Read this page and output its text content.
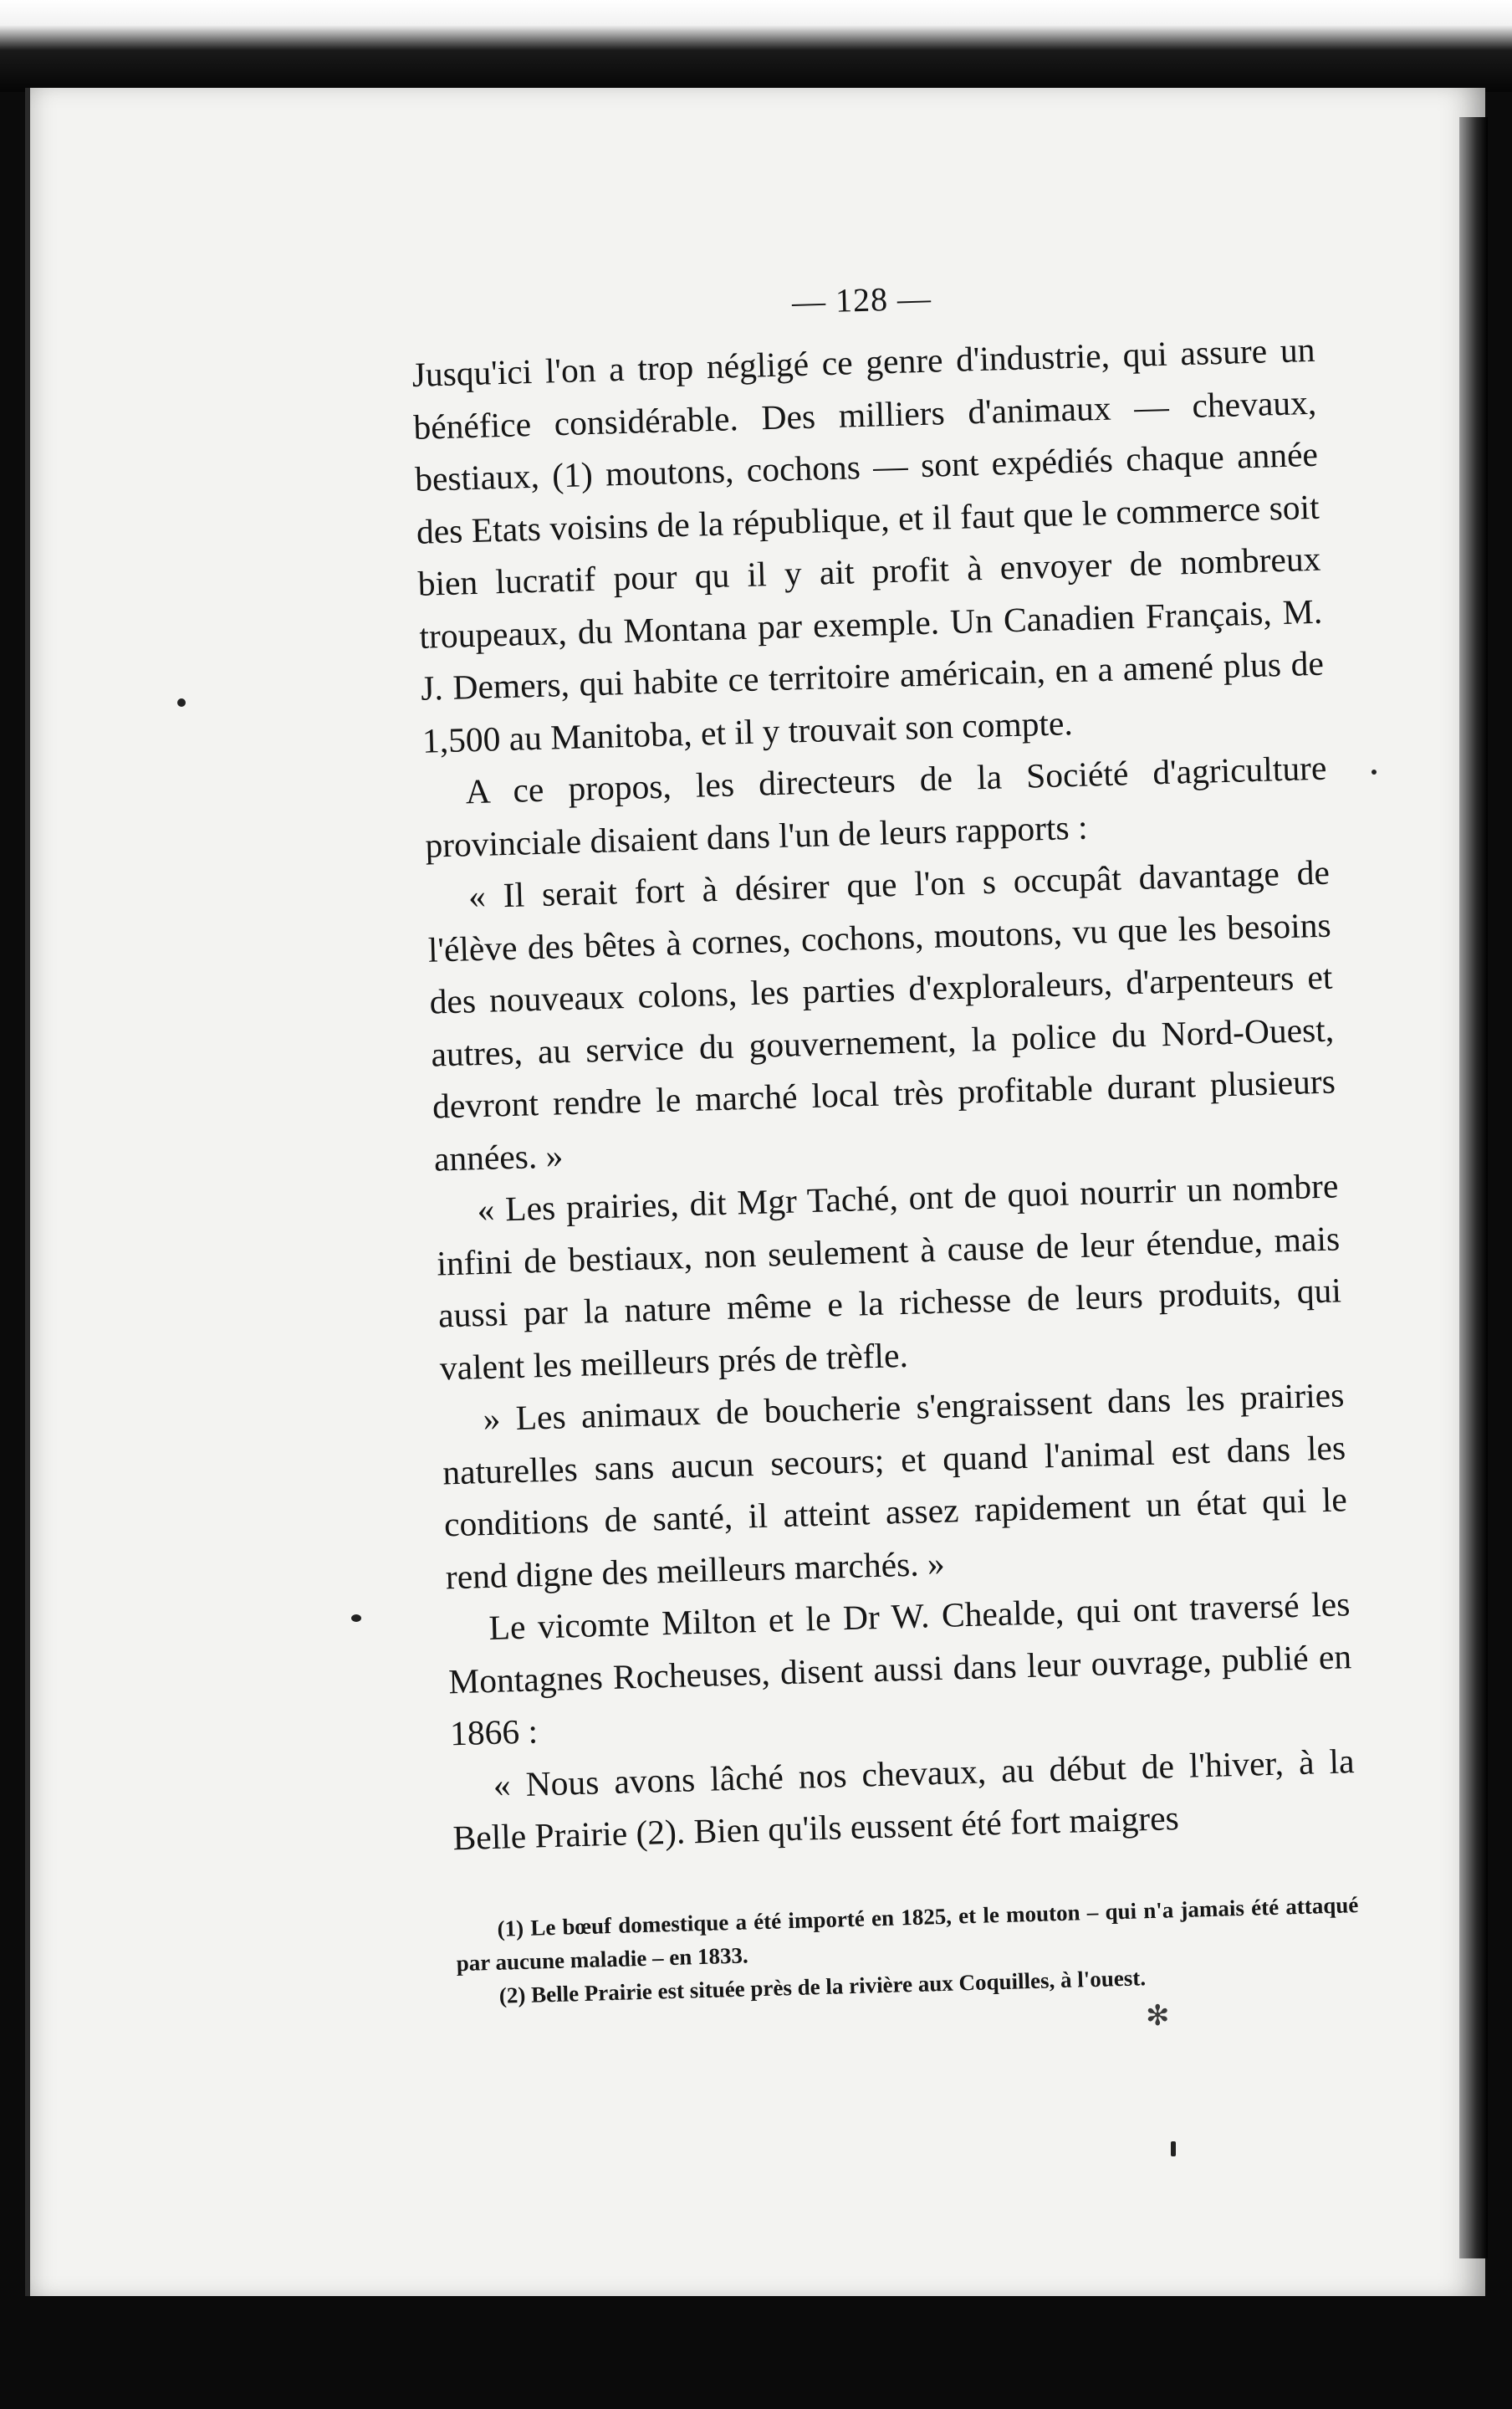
✻
— 128 —

Jusqu'ici l'on a trop négligé ce genre d'industrie, qui assure un bénéfice considérable. Des milliers d'animaux — chevaux, bestiaux, (1) moutons, cochons — sont expédiés chaque année des Etats voisins de la république, et il faut que le commerce soit bien lucratif pour qu il y ait profit à envoyer de nombreux troupeaux, du Montana par exemple. Un Canadien Français, M. J. Demers, qui habite ce territoire américain, en a amené plus de 1,500 au Manitoba, et il y trouvait son compte.

A ce propos, les directeurs de la Société d'agriculture provinciale disaient dans l'un de leurs rapports :

« Il serait fort à désirer que l'on s occupât davantage de l'élève des bêtes à cornes, cochons, moutons, vu que les besoins des nouveaux colons, les parties d'exploraleurs, d'arpenteurs et autres, au service du gouvernement, la police du Nord-Ouest, devront rendre le marché local très profitable durant plusieurs années. »

« Les prairies, dit Mgr Taché, ont de quoi nourrir un nombre infini de bestiaux, non seulement à cause de leur étendue, mais aussi par la nature même e la richesse de leurs produits, qui valent les meilleurs prés de trèfle.

» Les animaux de boucherie s'engraissent dans les prairies naturelles sans aucun secours; et quand l'animal est dans les conditions de santé, il atteint assez rapidement un état qui le rend digne des meilleurs marchés. »

Le vicomte Milton et le Dr W. Chealde, qui ont traversé les Montagnes Rocheuses, disent aussi dans leur ouvrage, publié en 1866 :

« Nous avons lâché nos chevaux, au début de l'hiver, à la Belle Prairie (2). Bien qu'ils eussent été fort maigres

(1) Le bœuf domestique a été importé en 1825, et le mouton – qui n'a jamais été attaqué par aucune maladie – en 1833.

(2) Belle Prairie est située près de la rivière aux Coquilles, à l'ouest.
